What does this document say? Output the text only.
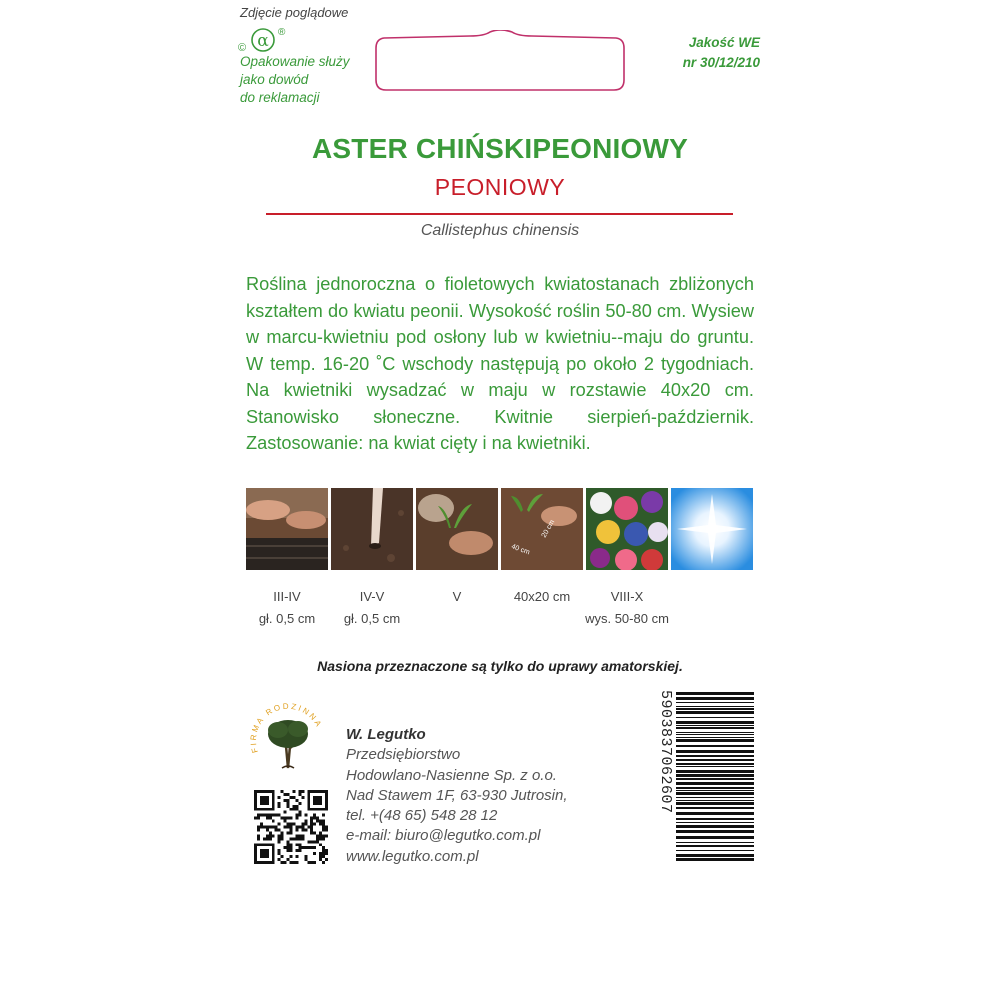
Zdjęcie poglądowe
© α ®
Opakowanie służy
jako dowód
do reklamacji
Jakość WE
nr 30/12/210
ASTER CHIŃSKIPEONIOWY
PEONIOWY
Callistephus chinensis
Roślina jednoroczna o fioletowych kwiatostanach zbliżonych kształtem do kwiatu peonii. Wysokość roślin 50-80 cm. Wysiew w marcu-kwietniu pod osłony lub w kwietniu--maju do gruntu. W temp. 16-20 ˚C wschody następują po około 2 tygodniach. Na kwietniki wysadzać w maju w rozstawie 40x20 cm. Stanowisko słoneczne. Kwitnie sierpień-październik. Zastosowanie: na kwiat cięty i na kwietniki.
20 cm
40 cm
III-IV
gł. 0,5 cm
IV-V
gł. 0,5 cm
V	40x20 cm	VIII-X
wys. 50-80 cm
Nasiona przeznaczone są tylko do uprawy amatorskiej.
FIRMA RODZINNA
W. Legutko
Przedsiębiorstwo
Hodowlano-Nasienne Sp. z o.o.
Nad Stawem 1F, 63-930 Jutrosin,
tel. +(48 65) 548 28 12
e-mail: biuro@legutko.com.pl
www.legutko.com.pl
5903837062607
